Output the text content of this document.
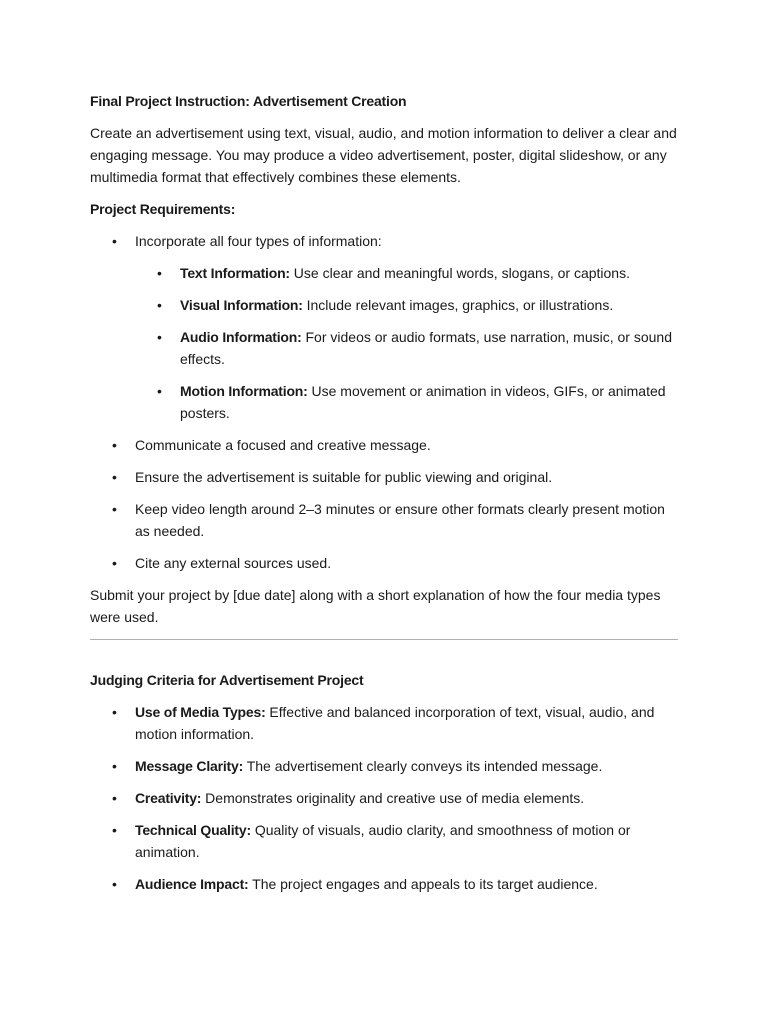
Final Project Instruction: Advertisement Creation

Create an advertisement using text, visual, audio, and motion information to deliver a clear and engaging message. You may produce a video advertisement, poster, digital slideshow, or any multimedia format that effectively combines these elements.

Project Requirements:
• Incorporate all four types of information:
• Text Information: Use clear and meaningful words, slogans, or captions.
• Visual Information: Include relevant images, graphics, or illustrations.
• Audio Information: For videos or audio formats, use narration, music, or sound effects.
• Motion Information: Use movement or animation in videos, GIFs, or animated posters.
• Communicate a focused and creative message.
• Ensure the advertisement is suitable for public viewing and original.
• Keep video length around 2–3 minutes or ensure other formats clearly present motion as needed.
• Cite any external sources used.

Submit your project by [due date] along with a short explanation of how the four media types were used.

Judging Criteria for Advertisement Project
• Use of Media Types: Effective and balanced incorporation of text, visual, audio, and motion information.
• Message Clarity: The advertisement clearly conveys its intended message.
• Creativity: Demonstrates originality and creative use of media elements.
• Technical Quality: Quality of visuals, audio clarity, and smoothness of motion or animation.
• Audience Impact: The project engages and appeals to its target audience.
